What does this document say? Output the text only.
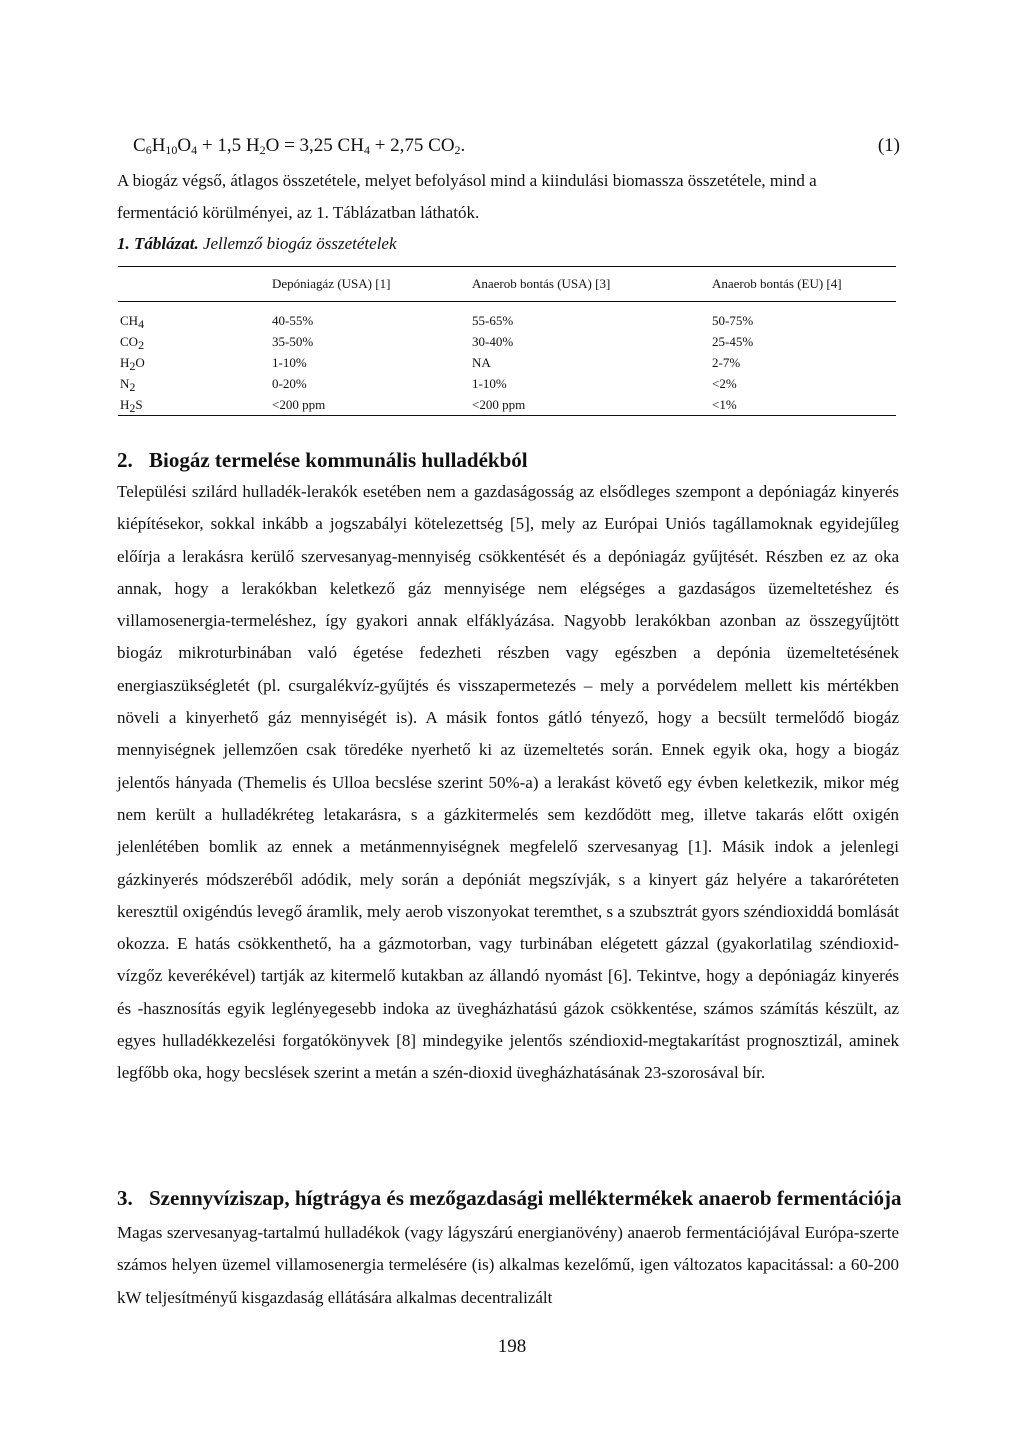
$C_6H_{10}O_4 + 1,5$ $H_2O = 3,25$ $CH_4 + 2,75$ $CO_2$.	(1)

A biogáz végső, átlagos összetétele, melyet befolyásol mind a kiindulási biomassza összetétele, mind a fermentáció körülményei, az 1. Táblázatban láthatók.

1. Táblázat. Jellemző biogáz összetételek

	Depóniagáz (USA) [1]	Anaerob bontás (USA) [3]	Anaerob bontás (EU) [4]
$CH_4$	40-55%	55-65%	50-75%
$CO_2$	35-50%	30-40%	25-45%
$H_2O$	1-10%	NA	2-7%
$N_2$	0-20%	1-10%	<2%
$H_2S$	<200 ppm	<200 ppm	<1%
2. Biogáz termelése kommunális hulladékból

Települési szilárd hulladék-lerakók esetében nem a gazdaságosság az elsődleges szempont a depóniagáz kinyerés kiépítésekor, sokkal inkább a jogszabályi kötelezettség [5], mely az Európai Uniós tagállamoknak egyidejűleg előírja a lerakásra kerülő szervesanyag-mennyiség csökkentését és a depóniagáz gyűjtését. Részben ez az oka annak, hogy a lerakókban keletkező gáz mennyisége nem elégséges a gazdaságos üzemeltetéshez és villamosenergia-termeléshez, így gyakori annak elfáklyázása. Nagyobb lerakókban azonban az összegyűjtött biogáz mikroturbinában való égetése fedezheti részben vagy egészben a depónia üzemeltetésének energiaszükségletét (pl. csurgalékvíz-gyűjtés és visszapermetezés – mely a porvédelem mellett kis mértékben növeli a kinyerhető gáz mennyiségét is). A másik fontos gátló tényező, hogy a becsült termelődő biogáz mennyiségnek jellemzően csak töredéke nyerhető ki az üzemeltetés során. Ennek egyik oka, hogy a biogáz jelentős hányada (Themelis és Ulloa becslése szerint 50%-a) a lerakást követő egy évben keletkezik, mikor még nem került a hulladékréteg letakarásra, s a gázkitermelés sem kezdődött meg, illetve takarás előtt oxigén jelenlétében bomlik az ennek a metánmennyiségnek megfelelő szervesanyag [1]. Másik indok a jelenlegi gázkinyerés módszeréből adódik, mely során a depóniát megszívják, s a kinyert gáz helyére a takaróréteten keresztül oxigéndús levegő áramlik, mely aerob viszonyokat teremthet, s a szubsztrát gyors széndioxiddá bomlását okozza. E hatás csökkenthető, ha a gázmotorban, vagy turbinában elégetett gázzal (gyakorlatilag széndioxid-vízgőz keverékével) tartják az kitermelő kutakban az állandó nyomást [6]. Tekintve, hogy a depóniagáz kinyerés és -hasznosítás egyik leglényegesebb indoka az üvegházhatású gázok csökkentése, számos számítás készült, az egyes hulladékkezelési forgatókönyvek [8] mindegyike jelentős széndioxid-megtakarítást prognosztizál, aminek legfőbb oka, hogy becslések szerint a metán a szén-dioxid üvegházhatásának 23-szorosával bír.

3. Szennyvíziszap, hígtrágya és mezőgazdasági melléktermékek anaerob fermentációja

Magas szervesanyag-tartalmú hulladékok (vagy lágyszárú energianövény) anaerob fermentációjával Európa-szerte számos helyen üzemel villamosenergia termelésére (is) alkalmas kezelőmű, igen változatos kapacitással: a 60-200 kW teljesítményű kisgazdaság ellátására alkalmas decentralizált

198
